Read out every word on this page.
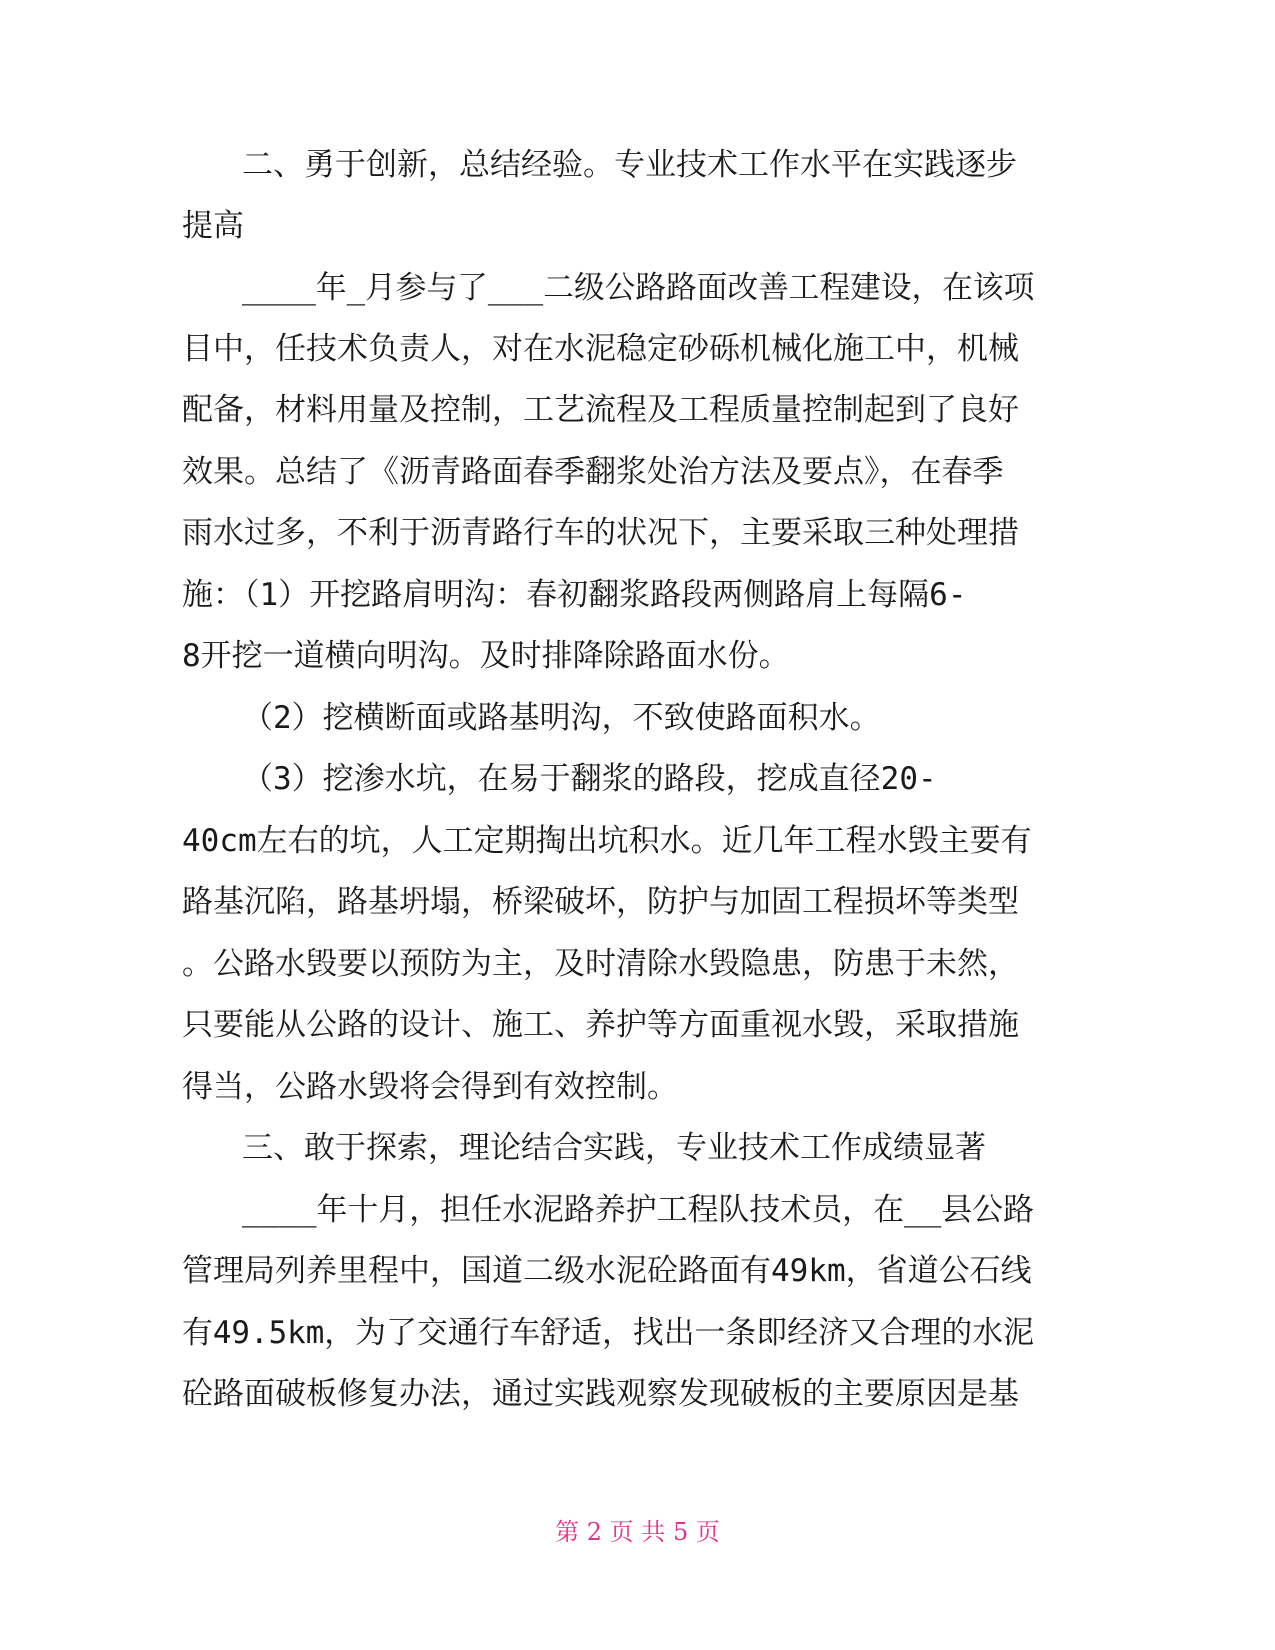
二、勇于创新，总结经验。专业技术工作水平在实践逐步
提高
____年_月参与了___二级公路路面改善工程建设，在该项
目中，任技术负责人，对在水泥稳定砂砾机械化施工中，机械
配备，材料用量及控制，工艺流程及工程质量控制起到了良好
效果。总结了《沥青路面春季翻浆处治方法及要点》，在春季
雨水过多，不利于沥青路行车的状况下，主要采取三种处理措
施：（1）开挖路肩明沟：春初翻浆路段两侧路肩上每隔6-
8开挖一道横向明沟。及时排降除路面水份。
（2）挖横断面或路基明沟，不致使路面积水。
（3）挖渗水坑，在易于翻浆的路段，挖成直径20-
40cm左右的坑，人工定期掏出坑积水。近几年工程水毁主要有
路基沉陷，路基坍塌，桥梁破坏，防护与加固工程损坏等类型
。公路水毁要以预防为主，及时清除水毁隐患，防患于未然，
只要能从公路的设计、施工、养护等方面重视水毁，采取措施
得当，公路水毁将会得到有效控制。
三、敢于探索，理论结合实践，专业技术工作成绩显著
____年十月，担任水泥路养护工程队技术员，在__县公路
管理局列养里程中，国道二级水泥砼路面有49km，省道公石线
有49.5km，为了交通行车舒适，找出一条即经济又合理的水泥
砼路面破板修复办法，通过实践观察发现破板的主要原因是基
第 2 页 共 5 页
